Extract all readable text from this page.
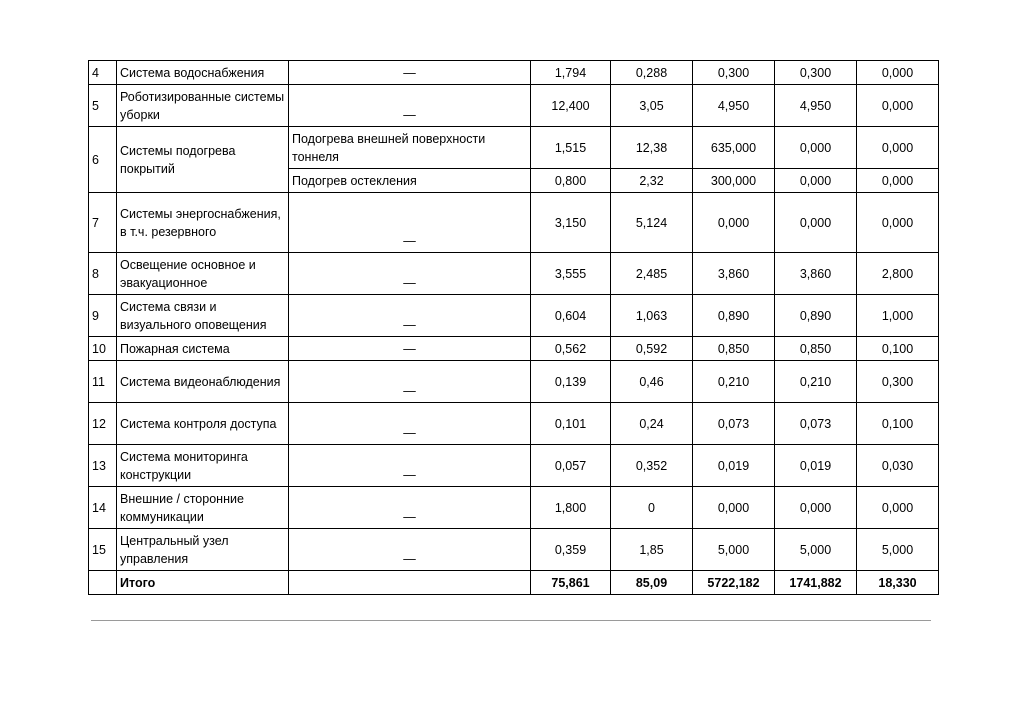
4	Система водоснабжения	—	1,794	0,288	0,300	0,300	0,000
5	Роботизированные системы уборки	—	12,400	3,05	4,950	4,950	0,000
6	Системы подогрева покрытий	Подогрева внешней поверхности тоннеля	1,515	12,38	635,000	0,000	0,000
		Подогрев остекления	0,800	2,32	300,000	0,000	0,000
7	Системы энергоснабжения, в т.ч. резервного	—	3,150	5,124	0,000	0,000	0,000
8	Освещение основное и эвакуационное	—	3,555	2,485	3,860	3,860	2,800
9	Система связи и визуального оповещения	—	0,604	1,063	0,890	0,890	1,000
10	Пожарная система	—	0,562	0,592	0,850	0,850	0,100
11	Система видеонаблюдения	—	0,139	0,46	0,210	0,210	0,300
12	Система контроля доступа	—	0,101	0,24	0,073	0,073	0,100
13	Система мониторинга конструкции	—	0,057	0,352	0,019	0,019	0,030
14	Внешние / сторонние коммуникации	—	1,800	0	0,000	0,000	0,000
15	Центральный узел управления	—	0,359	1,85	5,000	5,000	5,000
	Итого		75,861	85,09	5722,182	1741,882	18,330
